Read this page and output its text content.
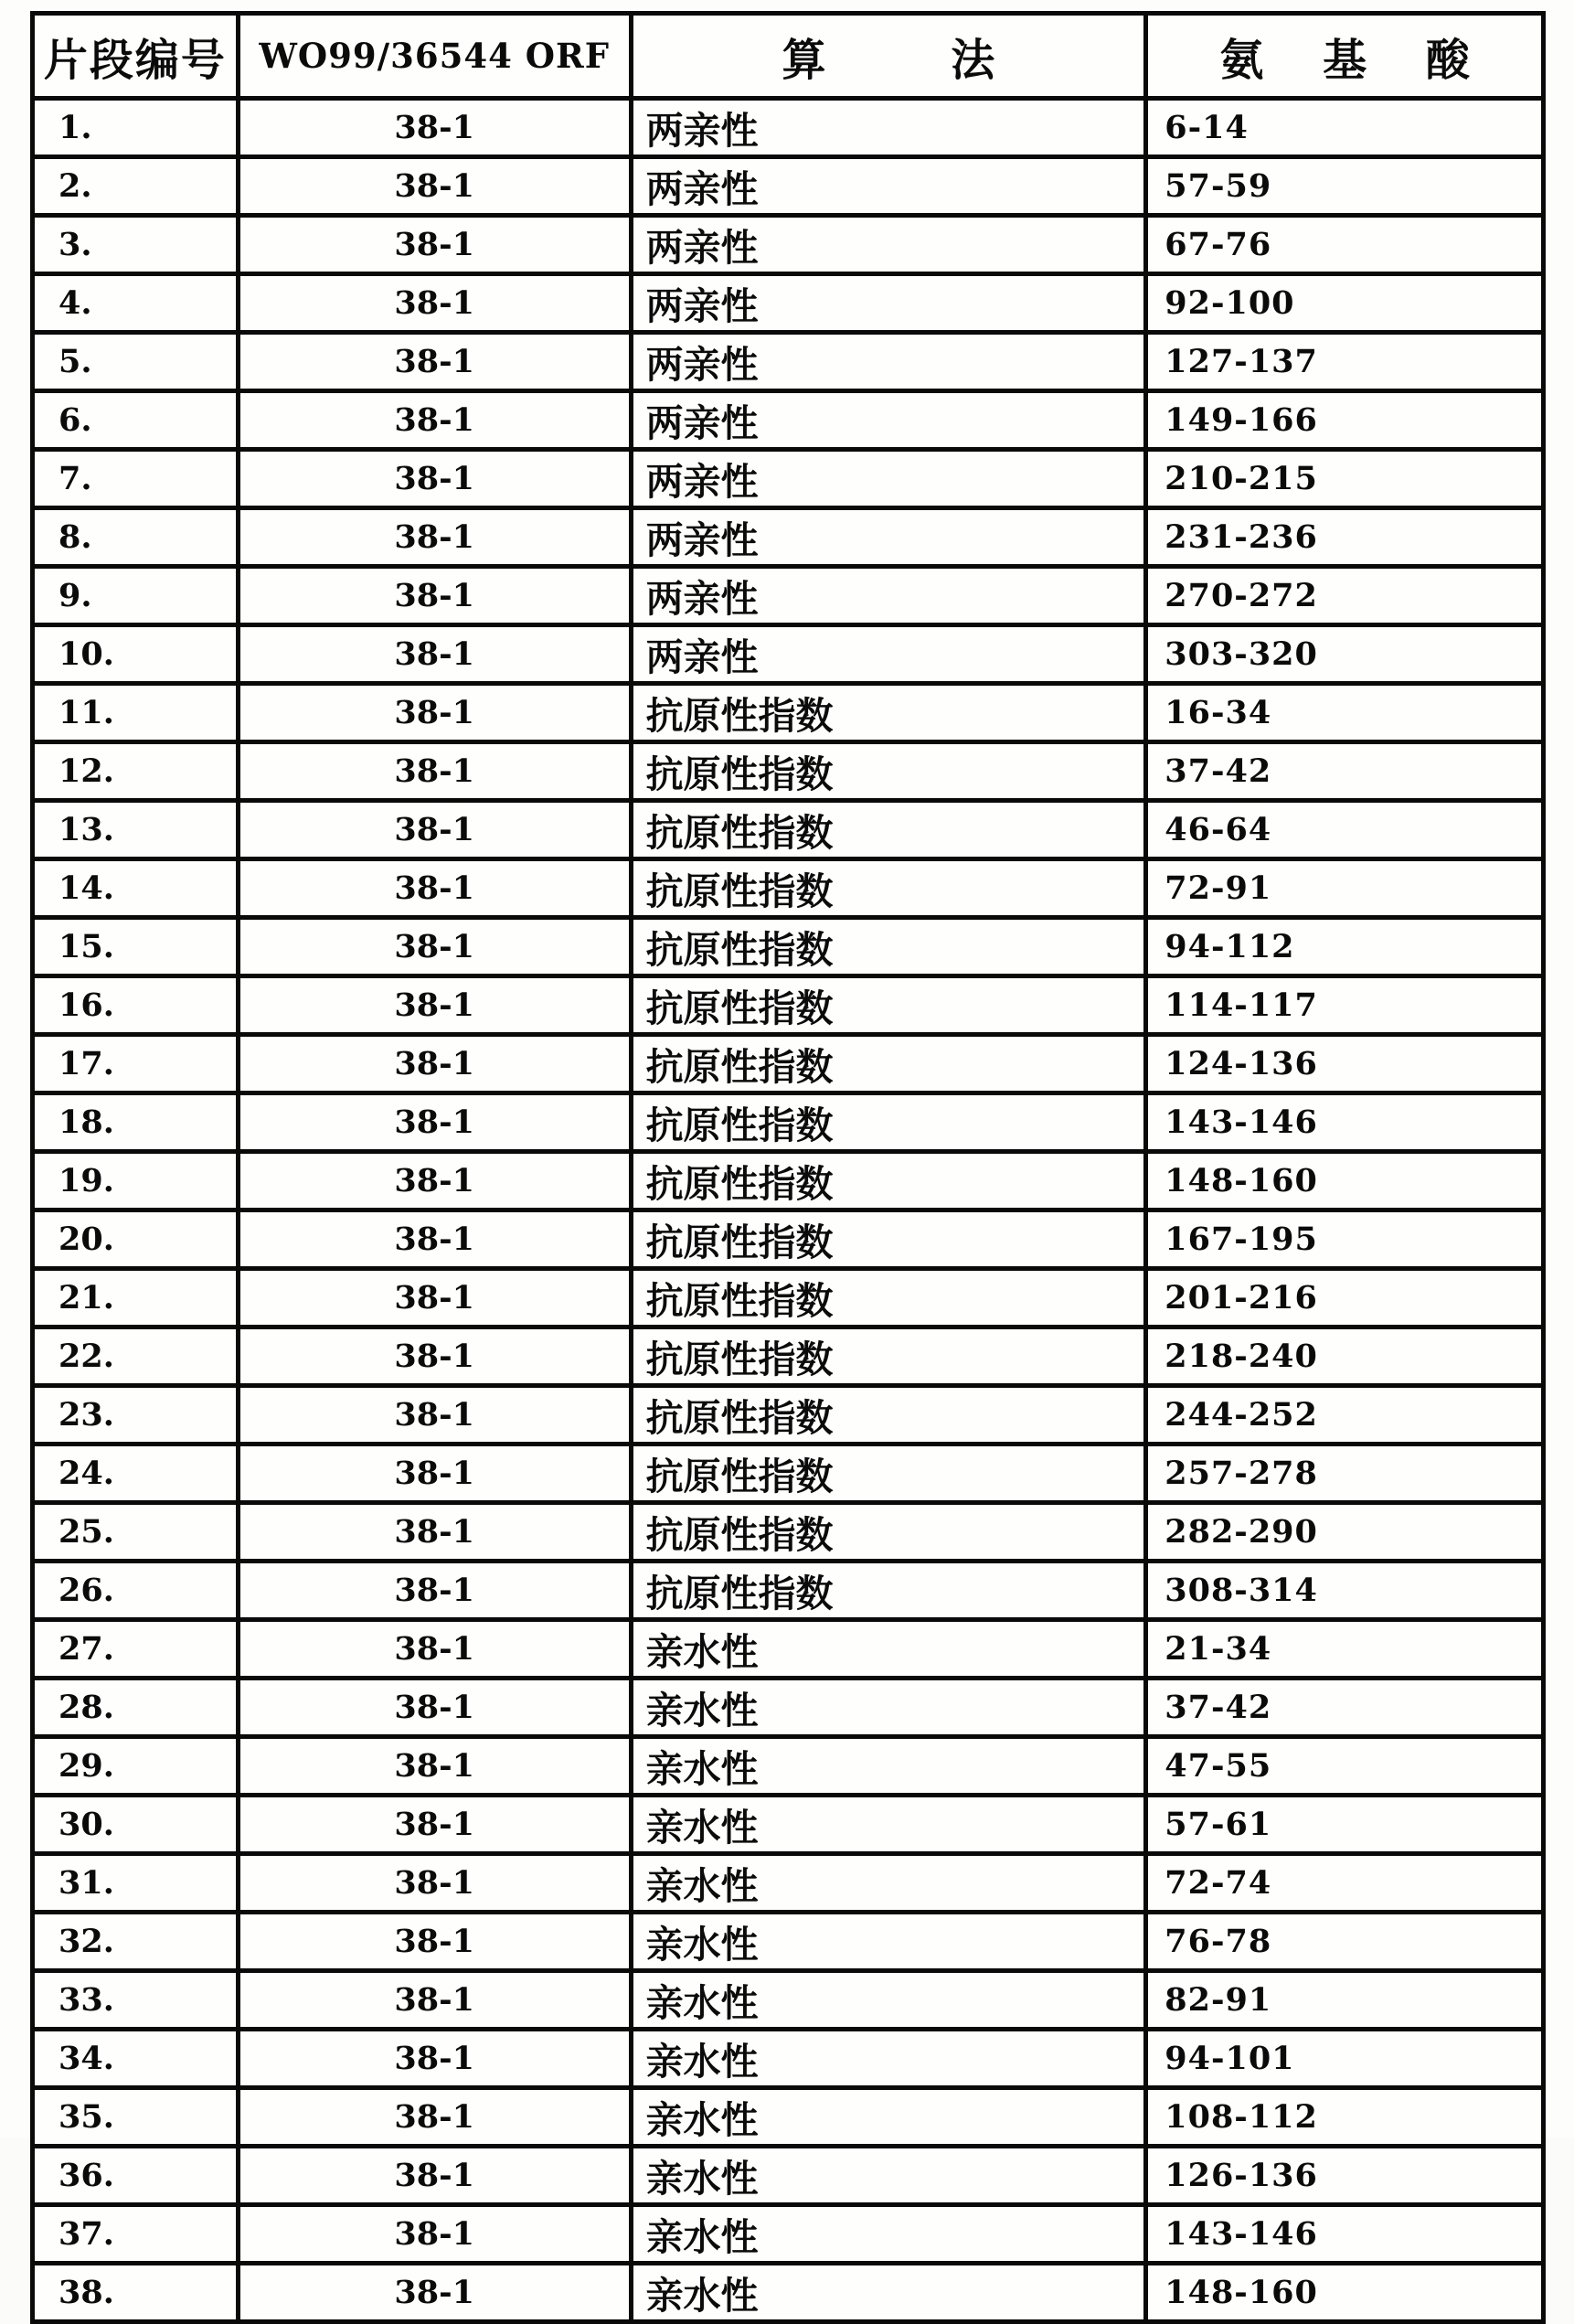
片段编号	WO99/36544 ORF	算 法	氨 基 酸
1.	38-1	两亲性	6-14
2.	38-1	两亲性	57-59
3.	38-1	两亲性	67-76
4.	38-1	两亲性	92-100
5.	38-1	两亲性	127-137
6.	38-1	两亲性	149-166
7.	38-1	两亲性	210-215
8.	38-1	两亲性	231-236
9.	38-1	两亲性	270-272
10.	38-1	两亲性	303-320
11.	38-1	抗原性指数	16-34
12.	38-1	抗原性指数	37-42
13.	38-1	抗原性指数	46-64
14.	38-1	抗原性指数	72-91
15.	38-1	抗原性指数	94-112
16.	38-1	抗原性指数	114-117
17.	38-1	抗原性指数	124-136
18.	38-1	抗原性指数	143-146
19.	38-1	抗原性指数	148-160
20.	38-1	抗原性指数	167-195
21.	38-1	抗原性指数	201-216
22.	38-1	抗原性指数	218-240
23.	38-1	抗原性指数	244-252
24.	38-1	抗原性指数	257-278
25.	38-1	抗原性指数	282-290
26.	38-1	抗原性指数	308-314
27.	38-1	亲水性	21-34
28.	38-1	亲水性	37-42
29.	38-1	亲水性	47-55
30.	38-1	亲水性	57-61
31.	38-1	亲水性	72-74
32.	38-1	亲水性	76-78
33.	38-1	亲水性	82-91
34.	38-1	亲水性	94-101
35.	38-1	亲水性	108-112
36.	38-1	亲水性	126-136
37.	38-1	亲水性	143-146
38.	38-1	亲水性	148-160
